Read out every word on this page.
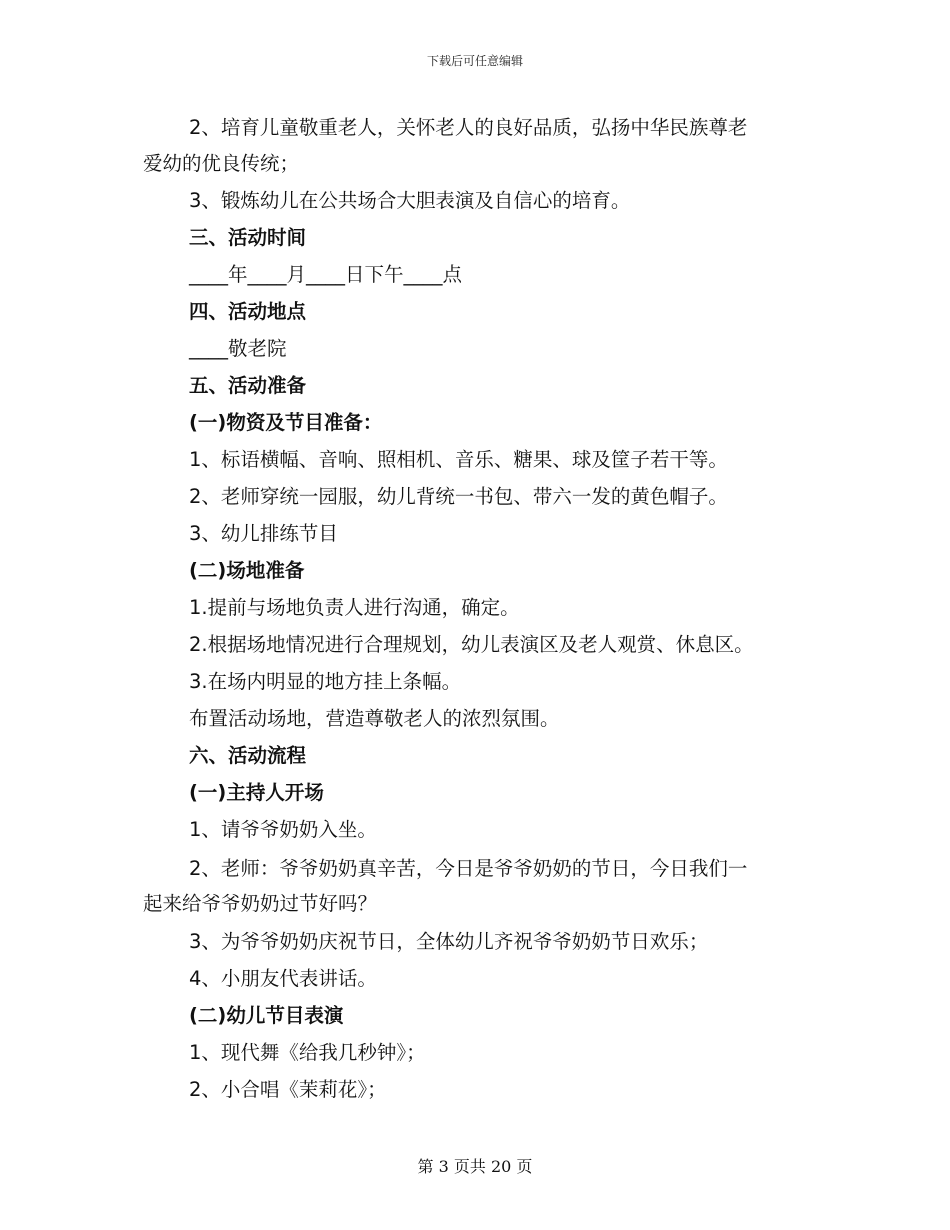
下载后可任意编辑
2、培育儿童敬重老人，关怀老人的良好品质，弘扬中华民族尊老
爱幼的优良传统；
3、锻炼幼儿在公共场合大胆表演及自信心的培育。
三、活动时间
____年____月____日下午____点
四、活动地点
____敬老院
五、活动准备
(一)物资及节目准备：
1、标语横幅、音响、照相机、音乐、糖果、球及筐子若干等。
2、老师穿统一园服，幼儿背统一书包、带六一发的黄色帽子。
3、幼儿排练节目
(二)场地准备
1.提前与场地负责人进行沟通，确定。
2.根据场地情况进行合理规划，幼儿表演区及老人观赏、休息区。
3.在场内明显的地方挂上条幅。
布置活动场地，营造尊敬老人的浓烈氛围。
六、活动流程
(一)主持人开场
1、请爷爷奶奶入坐。
2、老师：爷爷奶奶真辛苦，今日是爷爷奶奶的节日，今日我们一
起来给爷爷奶奶过节好吗？
3、为爷爷奶奶庆祝节日，全体幼儿齐祝爷爷奶奶节日欢乐；
4、小朋友代表讲话。
(二)幼儿节目表演
1、现代舞《给我几秒钟》；
2、小合唱《茉莉花》；
第 3 页共 20 页
